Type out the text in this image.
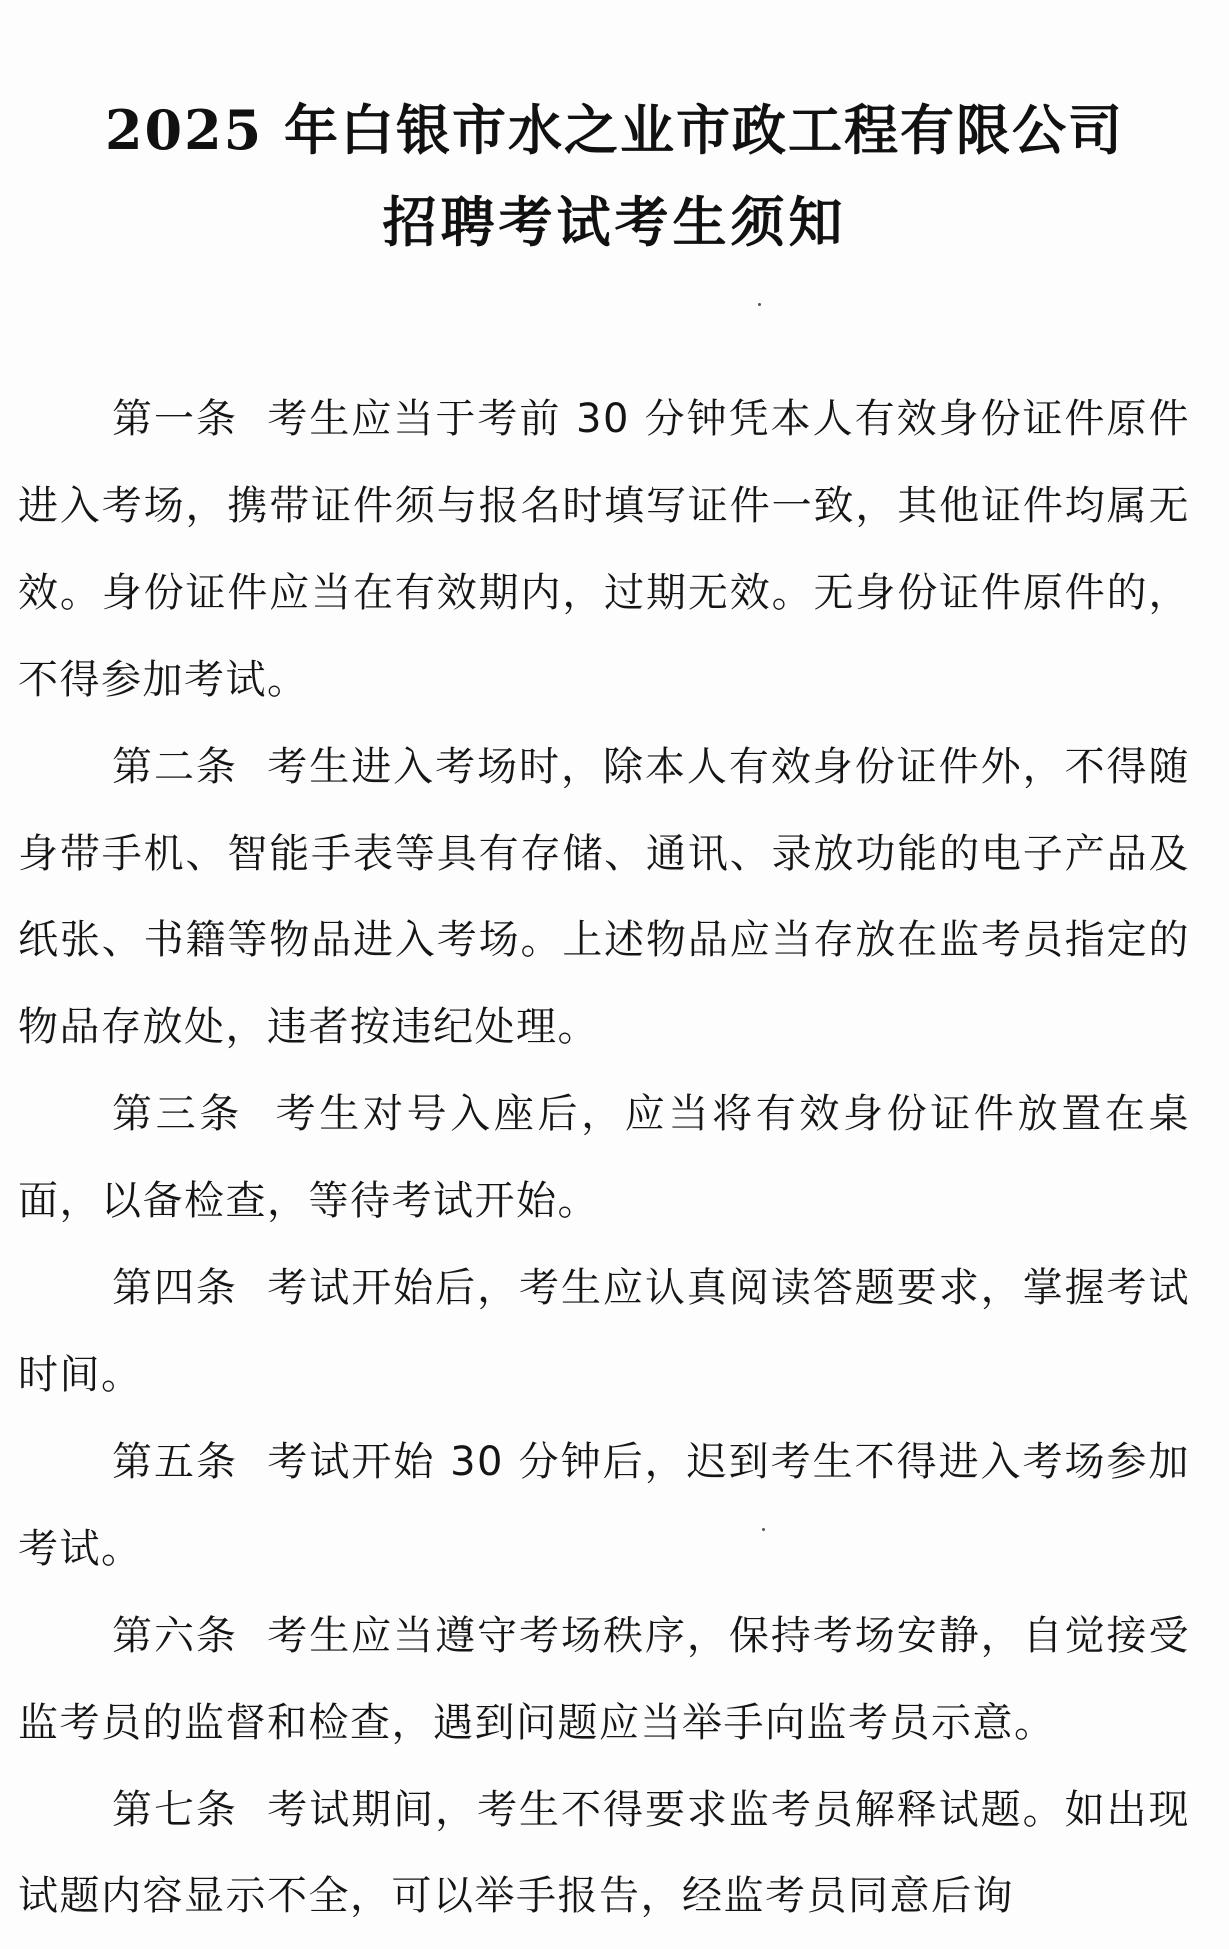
2025 年白银市水之业市政工程有限公司
招聘考试考生须知

第一条 考生应当于考前 30 分钟凭本人有效身份证件原件进入考场，携带证件须与报名时填写证件一致，其他证件均属无效。身份证件应当在有效期内，过期无效。无身份证件原件的，不得参加考试。

第二条 考生进入考场时，除本人有效身份证件外，不得随身带手机、智能手表等具有存储、通讯、录放功能的电子产品及纸张、书籍等物品进入考场。上述物品应当存放在监考员指定的物品存放处，违者按违纪处理。

第三条 考生对号入座后，应当将有效身份证件放置在桌面，以备检查，等待考试开始。

第四条 考试开始后，考生应认真阅读答题要求，掌握考试时间。

第五条 考试开始 30 分钟后，迟到考生不得进入考场参加考试。

第六条 考生应当遵守考场秩序，保持考场安静，自觉接受监考员的监督和检查，遇到问题应当举手向监考员示意。

第七条 考试期间，考生不得要求监考员解释试题。如出现试题内容显示不全，可以举手报告，经监考员同意后询
